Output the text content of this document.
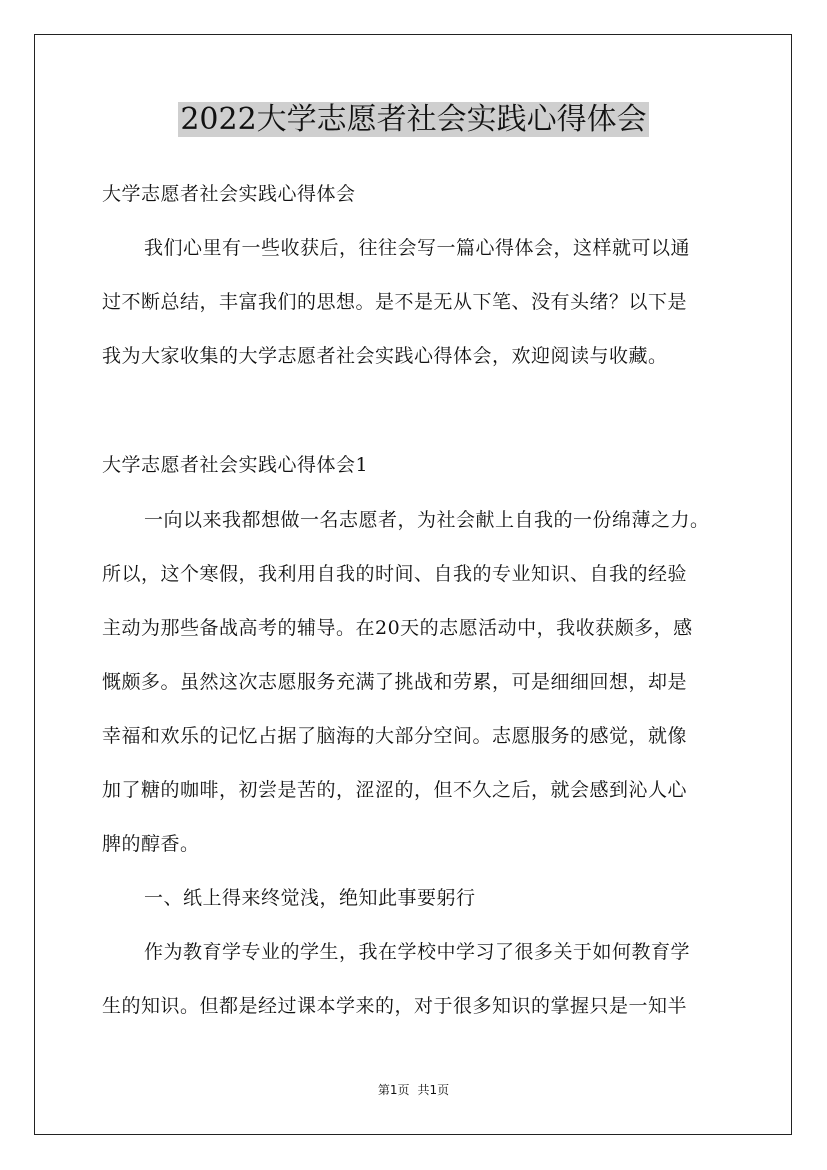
2022大学志愿者社会实践心得体会
大学志愿者社会实践心得体会
我们心里有一些收获后，往往会写一篇心得体会，这样就可以通
过不断总结，丰富我们的思想。是不是无从下笔、没有头绪？以下是
我为大家收集的大学志愿者社会实践心得体会，欢迎阅读与收藏。
大学志愿者社会实践心得体会1
一向以来我都想做一名志愿者，为社会献上自我的一份绵薄之力。
所以，这个寒假，我利用自我的时间、自我的专业知识、自我的经验
主动为那些备战高考的辅导。在20天的志愿活动中，我收获颇多，感
慨颇多。虽然这次志愿服务充满了挑战和劳累，可是细细回想，却是
幸福和欢乐的记忆占据了脑海的大部分空间。志愿服务的感觉，就像
加了糖的咖啡，初尝是苦的，涩涩的，但不久之后，就会感到沁人心
脾的醇香。
一、纸上得来终觉浅，绝知此事要躬行
作为教育学专业的学生，我在学校中学习了很多关于如何教育学
生的知识。但都是经过课本学来的，对于很多知识的掌握只是一知半
第1页 共1页
